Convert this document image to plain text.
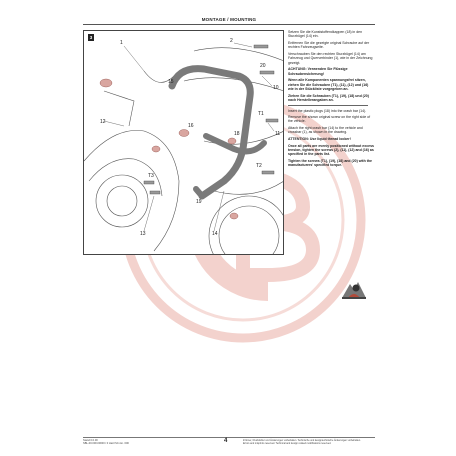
MONTAGE / MOUNTING
1	2
10
11
12
13	14
15
16
18
19
20
T1
T2
T3
3
Setzen Sie die Kunststoffendkappen (18) in den Sturzbügel (14) ein.
Entfernen Sie die gezeigte original Schraube auf der rechten Fahrzeugseite.
Verschrauben Sie den rechten Sturzbügel (14) am Fahrzeug und Querverbinder (1), wie in der Zeichnung gezeigt.
ACHTUNG: Verwenden Sie Flüssige Schraubensicherung!
Wenn alle Komponenten spannungsfrei sitzen, ziehen Sie die Schrauben (T1), (11), (12) und (16) wie in der Stückliste vorgegeben an.
Ziehen Sie die Schrauben (T1), (19), (18) und (20) nach Herstellerangaben an.
Insert the plastic plugs (18) into the crash bar (14).
Remove the shown original screw on the right side of the vehicle.
Attach the right crash bar (14) to the vehicle and crossbar (1), as shown in the drawing.
ATTENTION: Use liquid thread locker!
Once all parts are evenly positioned without excess tension, tighten the screws (2), (11), (12) and (16) as specified in the parts list.
Tighten the screws (T1), (19), (18) and (20) with the manufacturers' specified torque.
Stand 0.0.00
SBL-00.000.00000 / 0 Hartl SC-Gn. 000	4	Irrtümer, Druckfehler und Änderungen vorbehalten. Technische und designtechnische Änderungen vorbehalten.
Errors and misprints reserved. Technical and design related modifications reserved.
